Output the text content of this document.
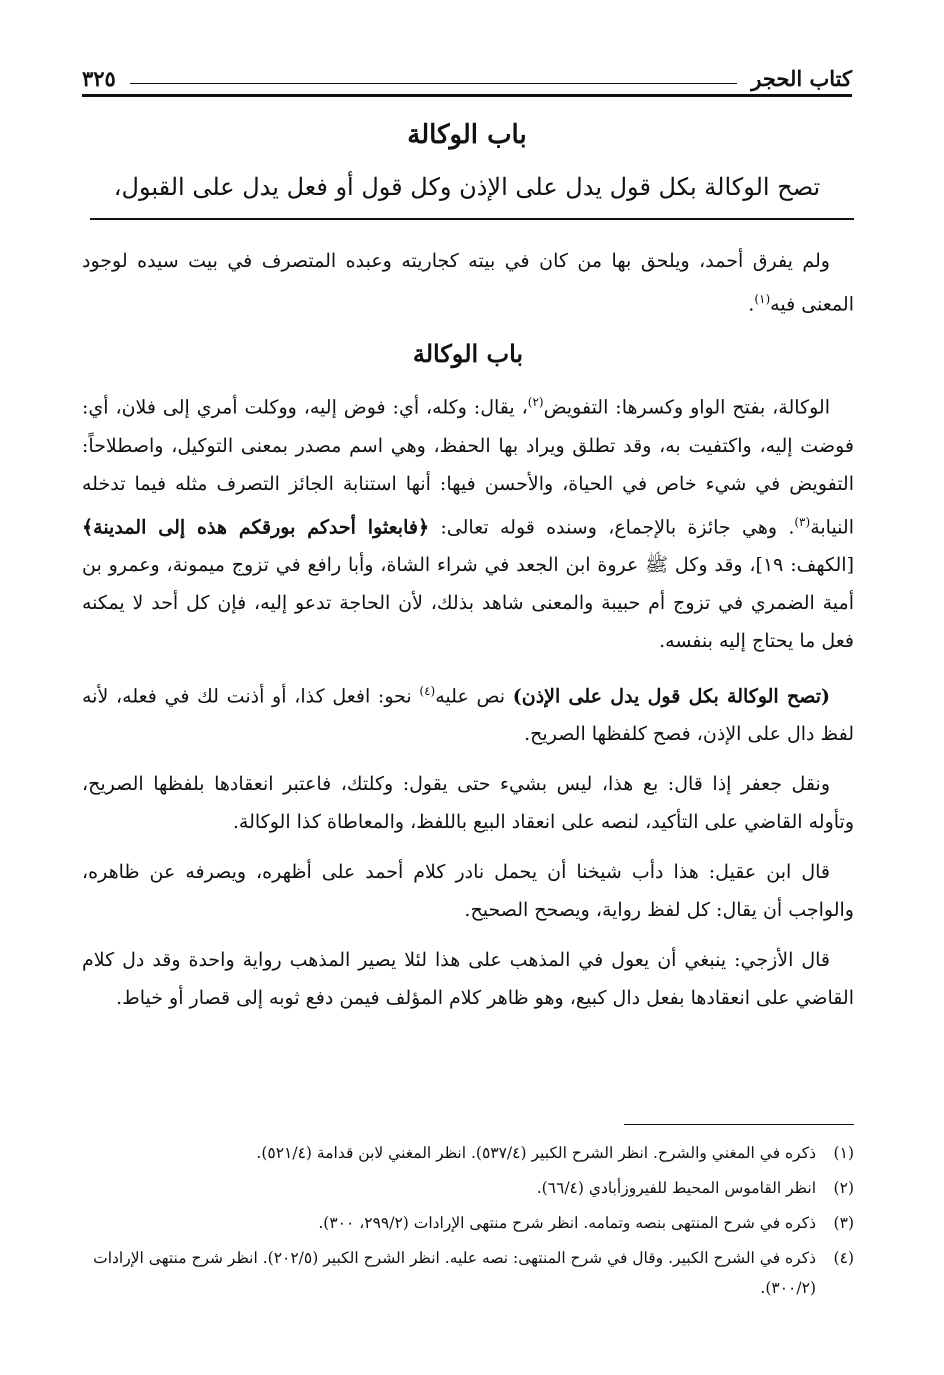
كتاب الحجر
٣٢٥
باب الوكالة
تصح الوكالة بكل قول يدل على الإذن وكل قول أو فعل يدل على القبول،

ولم يفرق أحمد، ويلحق بها من كان في بيته كجاريته وعبده المتصرف في بيت سيده لوجود المعنى فيه$^{(١)}$.

باب الوكالة

الوكالة، بفتح الواو وكسرها: التفويض$^{(٢)}$، يقال: وكله، أي: فوض إليه، ووكلت أمري إلى فلان، أي: فوضت إليه، واكتفيت به، وقد تطلق ويراد بها الحفظ، وهي اسم مصدر بمعنى التوكيل، واصطلاحاً: التفويض في شيء خاص في الحياة، والأحسن فيها: أنها استنابة الجائز التصرف مثله فيما تدخله النيابة$^{(٣)}$. وهي جائزة بالإجماع، وسنده قوله تعالى: ﴿فابعثوا أحدكم بورقكم هذه إلى المدينة﴾ [الكهف: ١٩]، وقد وكل ﷺ عروة ابن الجعد في شراء الشاة، وأبا رافع في تزوج ميمونة، وعمرو بن أمية الضمري في تزوج أم حبيبة والمعنى شاهد بذلك، لأن الحاجة تدعو إليه، فإن كل أحد لا يمكنه فعل ما يحتاج إليه بنفسه.

(تصح الوكالة بكل قول يدل على الإذن) نص عليه$^{(٤)}$ نحو: افعل كذا، أو أذنت لك في فعله، لأنه لفظ دال على الإذن، فصح كلفظها الصريح.

ونقل جعفر إذا قال: بع هذا، ليس بشيء حتى يقول: وكلتك، فاعتبر انعقادها بلفظها الصريح، وتأوله القاضي على التأكيد، لنصه على انعقاد البيع باللفظ، والمعاطاة كذا الوكالة.

قال ابن عقيل: هذا دأب شيخنا أن يحمل نادر كلام أحمد على أظهره، ويصرفه عن ظاهره، والواجب أن يقال: كل لفظ رواية، ويصحح الصحيح.

قال الأزجي: ينبغي أن يعول في المذهب على هذا لئلا يصير المذهب رواية واحدة وقد دل كلام القاضي على انعقادها بفعل دال كبيع، وهو ظاهر كلام المؤلف فيمن دفع ثوبه إلى قصار أو خياط.

(١)
ذكره في المغني والشرح. انظر الشرح الكبير (٥٣٧/٤). انظر المغني لابن قدامة (٥٢١/٤).
(٢)
انظر القاموس المحيط للفيروزأبادي (٦٦/٤).
(٣)
ذكره في شرح المنتهى بنصه وتمامه. انظر شرح منتهى الإرادات (٢٩٩/٢، ٣٠٠).
(٤)
ذكره في الشرح الكبير. وقال في شرح المنتهى: نصه عليه. انظر الشرح الكبير (٢٠٢/٥). انظر شرح منتهى الإرادات (٣٠٠/٢).
